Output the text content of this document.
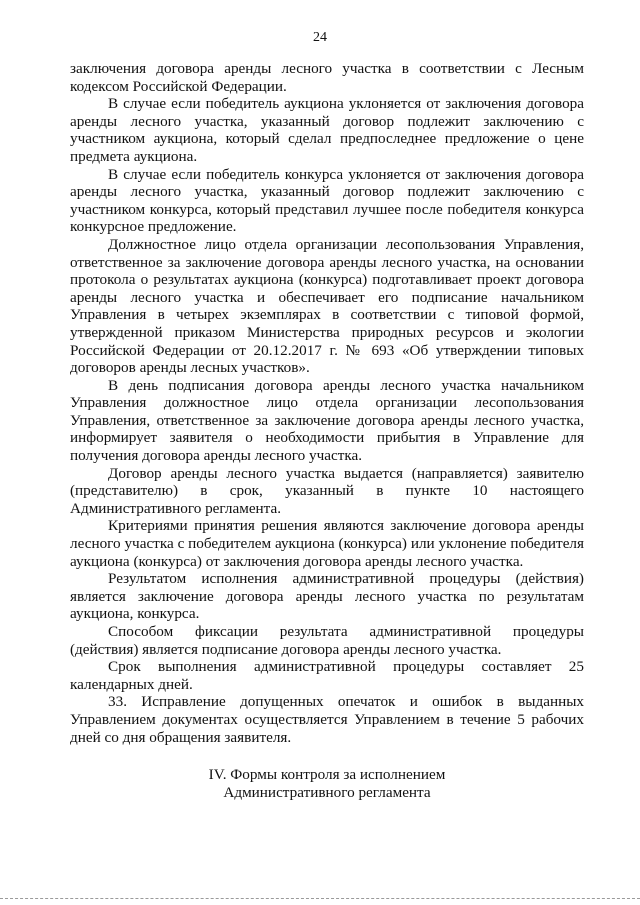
24

заключения договора аренды лесного участка в соответствии с Лесным кодексом Российской Федерации.

В случае если победитель аукциона уклоняется от заключения договора аренды лесного участка, указанный договор подлежит заключению с участником аукциона, который сделал предпоследнее предложение о цене предмета аукциона.

В случае если победитель конкурса уклоняется от заключения договора аренды лесного участка, указанный договор подлежит заключению с участником конкурса, который представил лучшее после победителя конкурса конкурсное предложение.

Должностное лицо отдела организации лесопользования Управления, ответственное за заключение договора аренды лесного участка, на основании протокола о результатах аукциона (конкурса) подготавливает проект договора аренды лесного участка и обеспечивает его подписание начальником Управления в четырех экземплярах в соответствии с типовой формой, утвержденной приказом Министерства природных ресурсов и экологии Российской Федерации от 20.12.2017 г. № 693 «Об утверждении типовых договоров аренды лесных участков».

В день подписания договора аренды лесного участка начальником Управления должностное лицо отдела организации лесопользования Управления, ответственное за заключение договора аренды лесного участка, информирует заявителя о необходимости прибытия в Управление для получения договора аренды лесного участка.

Договор аренды лесного участка выдается (направляется) заявителю (представителю) в срок, указанный в пункте 10 настоящего Административного регламента.

Критериями принятия решения являются заключение договора аренды лесного участка с победителем аукциона (конкурса) или уклонение победителя аукциона (конкурса) от заключения договора аренды лесного участка.

Результатом исполнения административной процедуры (действия) является заключение договора аренды лесного участка по результатам аукциона, конкурса.

Способом фиксации результата административной процедуры (действия) является подписание договора аренды лесного участка.

Срок выполнения административной процедуры составляет 25 календарных дней.

33. Исправление допущенных опечаток и ошибок в выданных Управлением документах осуществляется Управлением в течение 5 рабочих дней со дня обращения заявителя.

IV. Формы контроля за исполнением
Административного регламента
